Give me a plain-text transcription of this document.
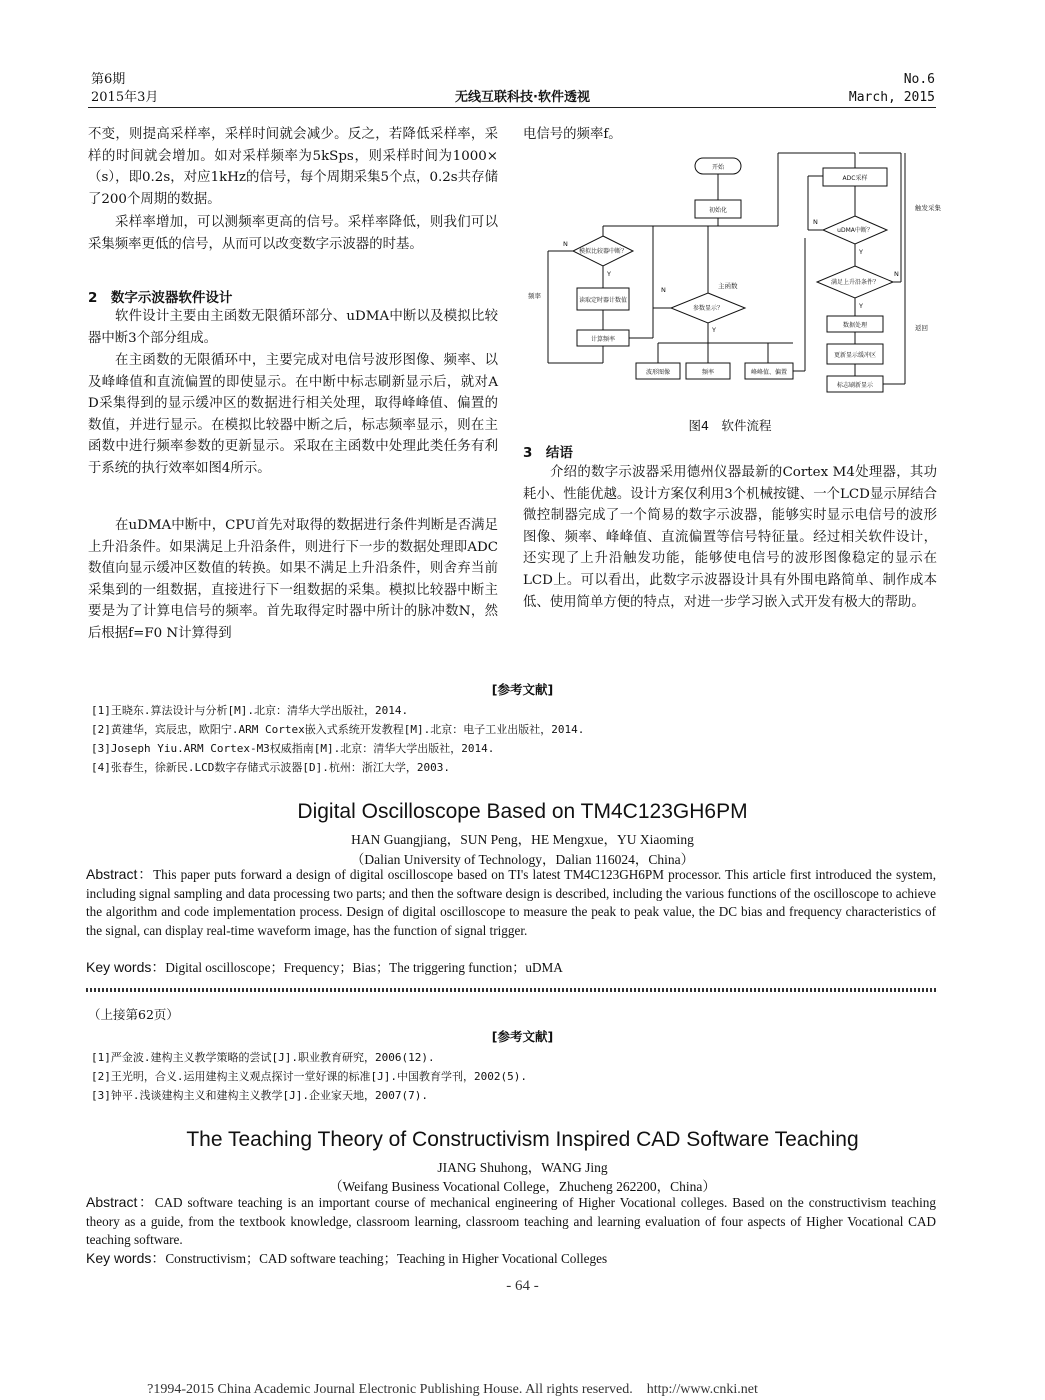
第6期
2015年3月	无线互联科技·软件透视
No.6
March, 2015

不变，则提高采样率，采样时间就会减少。反之，若降低采样率，采样的时间就会增加。如对采样频率为5kSps，则采样时间为1000×（s），即0.2s，对应1kHz的信号，每个周期采集5个点，0.2s共存储了200个周期的数据。

采样率增加，可以测频率更高的信号。采样率降低，则我们可以采集频率更低的信号，从而可以改变数字示波器的时基。

2　数字示波器软件设计

软件设计主要由主函数无限循环部分、uDMA中断以及模拟比较器中断3个部分组成。

在主函数的无限循环中，主要完成对电信号波形图像、频率、以及峰峰值和直流偏置的即使显示。在中断中标志刷新显示后，就对A D采集得到的显示缓冲区的数据进行相关处理，取得峰峰值、偏置的数值，并进行显示。在模拟比较器中断之后，标志频率显示，则在主函数中进行频率参数的更新显示。采取在主函数中处理此类任务有利于系统的执行效率如图4所示。

在uDMA中断中，CPU首先对取得的数据进行条件判断是否满足上升沿条件。如果满足上升沿条件，则进行下一步的数据处理即ADC数值向显示缓冲区数值的转换。如果不满足上升沿条件，则舍弃当前采集到的一组数据，直接进行下一组数据的采集。模拟比较器中断主要是为了计算电信号的频率。首先取得定时器中所计的脉冲数N，然后根据f=F0 N计算得到

电信号的频率f。

开始
初始化
模拟比较器中断？
读取定时器计数值
计算频率
参数显示？
主函数
波形图像	频率	峰峰值、偏置
ADC采样
uDMA中断？
满足上升沿条件？
数据处理
更新显示缓冲区
标志刷新显示
频率
触发采集
返回
N
Y
N
Y
N
Y
N
Y
图4　软件流程

3　结语

介绍的数字示波器采用德州仪器最新的Cortex M4处理器，其功耗小、性能优越。设计方案仅利用3个机械按键、一个LCD显示屏结合微控制器完成了一个简易的数字示波器，能够实时显示电信号的波形图像、频率、峰峰值、直流偏置等信号特征量。经过相关软件设计，还实现了上升沿触发功能，能够使电信号的波形图像稳定的显示在LCD上。可以看出，此数字示波器设计具有外围电路简单、制作成本低、使用简单方便的特点，对进一步学习嵌入式开发有极大的帮助。

[参考文献]
[1]王晓东.算法设计与分析[M].北京：清华大学出版社，2014.
[2]黄建华，宾辰忠，欧阳宁.ARM Cortex嵌入式系统开发教程[M].北京：电子工业出版社，2014.
[3]Joseph Yiu.ARM Cortex-M3权威指南[M].北京：清华大学出版社，2014.
[4]张春生，徐新民.LCD数字存储式示波器[D].杭州：浙江大学，2003.
Digital Oscilloscope Based on TM4C123GH6PM
HAN Guangjiang，SUN Peng，HE Mengxue，YU Xiaoming
（Dalian University of Technology，Dalian 116024，China）

Abstract：This paper puts forward a design of digital oscilloscope based on TI's latest TM4C123GH6PM processor. This article first introduced the system, including signal sampling and data processing two parts; and then the software design is described, including the various functions of the oscilloscope to achieve the algorithm and code implementation process. Design of digital oscilloscope to measure the peak to peak value, the DC bias and frequency characteristics of the signal, can display real-time waveform image, has the function of signal trigger.

Key words：Digital oscilloscope；Frequency；Bias；The triggering function；uDMA

（上接第62页）
[参考文献]
[1]严金波.建构主义教学策略的尝试[J].职业教育研究，2006(12).
[2]王光明，合义.运用建构主义观点探讨一堂好课的标准[J].中国教育学刊，2002(5).
[3]钟平.浅谈建构主义和建构主义教学[J].企业家天地，2007(7).
The Teaching Theory of Constructivism Inspired CAD Software Teaching
JIANG Shuhong，WANG Jing
（Weifang Business Vocational College，Zhucheng 262200，China）

Abstract：CAD software teaching is an important course of mechanical engineering of Higher Vocational colleges. Based on the constructivism teaching theory as a guide, from the textbook knowledge, classroom learning, classroom teaching and learning evaluation of four aspects of Higher Vocational CAD teaching software.

Key words：Constructivism；CAD software teaching；Teaching in Higher Vocational Colleges

- 64 -
?1994-2015 China Academic Journal Electronic Publishing House. All rights reserved.　http://www.cnki.net
